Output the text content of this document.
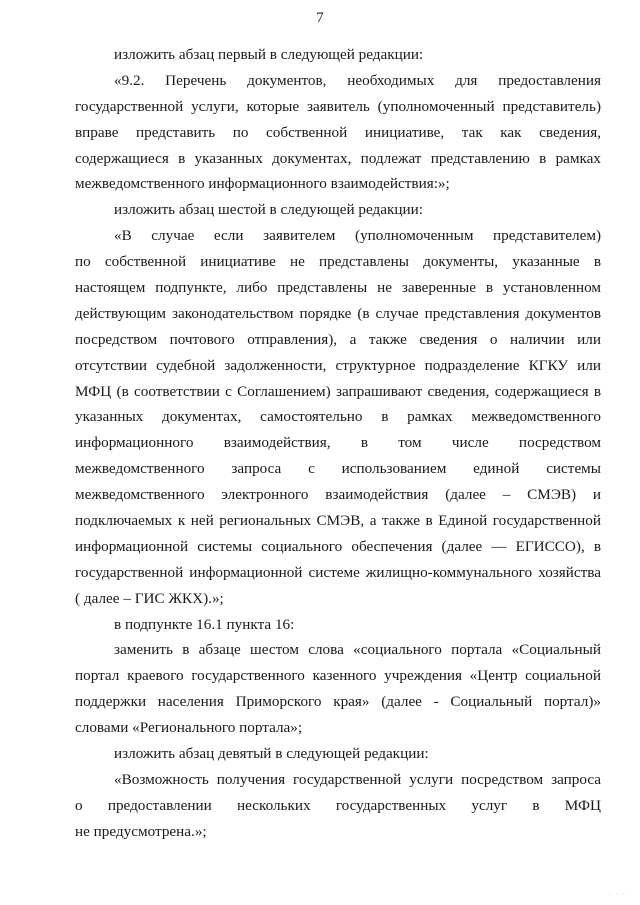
7
изложить абзац первый в следующей редакции:
«9.2. Перечень документов, необходимых для предоставления
государственной услуги, которые заявитель (уполномоченный представитель)
вправе представить по собственной инициативе, так как сведения,
содержащиеся в указанных документах, подлежат представлению в рамках
межведомственного информационного взаимодействия:»;
изложить абзац шестой в следующей редакции:
«В случае если заявителем (уполномоченным представителем)
по собственной инициативе не представлены документы, указанные в
настоящем подпункте, либо представлены не заверенные в установленном
действующим законодательством порядке (в случае представления документов
посредством почтового отправления), а также сведения о наличии или
отсутствии судебной задолженности, структурное подразделение КГКУ или
МФЦ (в соответствии с Соглашением) запрашивают сведения, содержащиеся в
указанных документах, самостоятельно в рамках межведомственного
информационного взаимодействия, в том числе посредством
межведомственного запроса с использованием единой системы
межведомственного электронного взаимодействия (далее – СМЭВ) и
подключаемых к ней региональных СМЭВ, а также в Единой государственной
информационной системы социального обеспечения (далее — ЕГИССО), в
государственной информационной системе жилищно-коммунального хозяйства
( далее – ГИС ЖКХ).»;
в подпункте 16.1 пункта 16:
заменить в абзаце шестом слова «социального портала «Социальный
портал краевого государственного казенного учреждения «Центр социальной
поддержки населения Приморского края» (далее - Социальный портал)»
словами «Регионального портала»;
изложить абзац девятый в следующей редакции:
«Возможность получения государственной услуги посредством запроса
о предоставлении нескольких государственных услуг в МФЦ
не предусмотрена.»;
· · · ·
